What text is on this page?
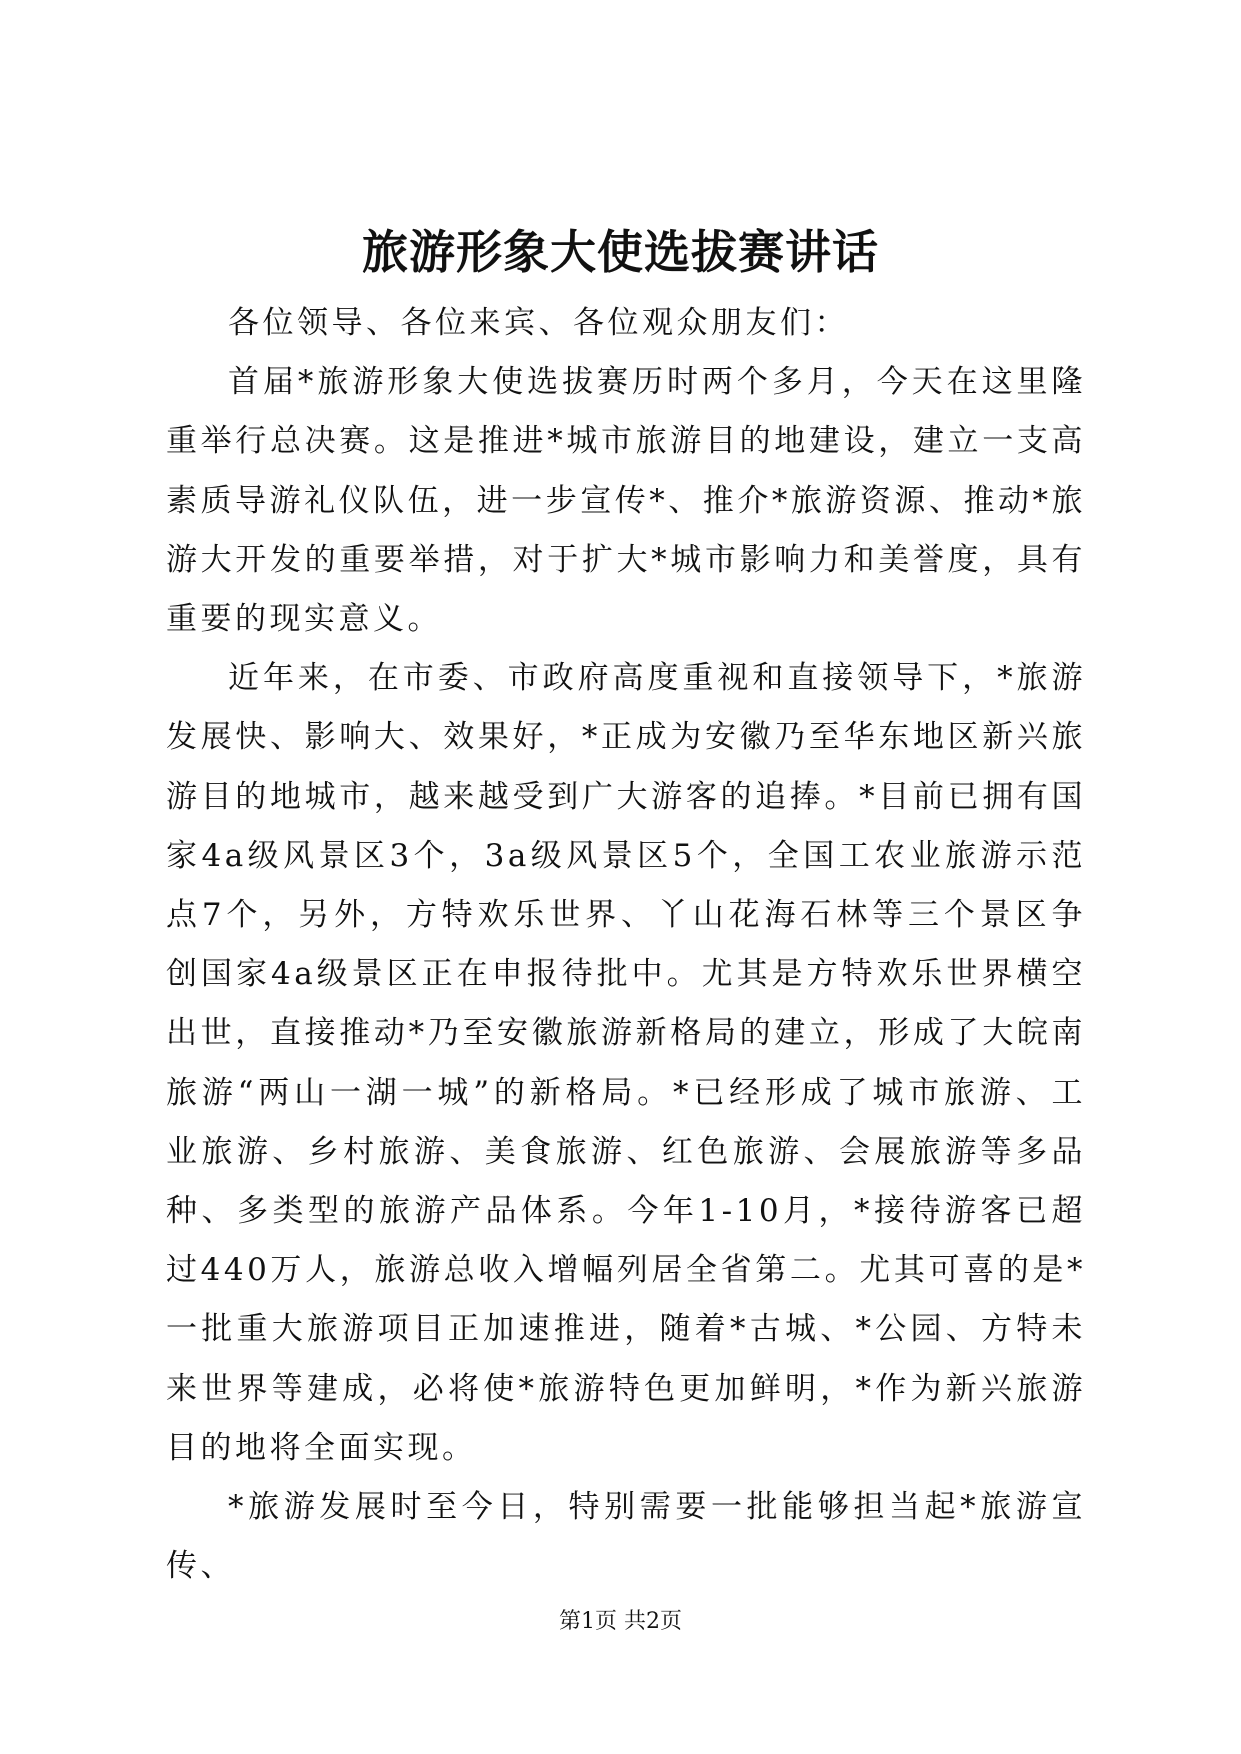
旅游形象大使选拔赛讲话

各位领导、各位来宾、各位观众朋友们：

首届*旅游形象大使选拔赛历时两个多月，今天在这里隆重举行总决赛。这是推进*城市旅游目的地建设，建立一支高素质导游礼仪队伍，进一步宣传*、推介*旅游资源、推动*旅游大开发的重要举措，对于扩大*城市影响力和美誉度，具有重要的现实意义。

近年来，在市委、市政府高度重视和直接领导下，*旅游发展快、影响大、效果好，*正成为安徽乃至华东地区新兴旅游目的地城市，越来越受到广大游客的追捧。*目前已拥有国家4a级风景区3个，3a级风景区5个，全国工农业旅游示范点7个，另外，方特欢乐世界、丫山花海石林等三个景区争创国家4a级景区正在申报待批中。尤其是方特欢乐世界横空出世，直接推动*乃至安徽旅游新格局的建立，形成了大皖南旅游“两山一湖一城”的新格局。*已经形成了城市旅游、工业旅游、乡村旅游、美食旅游、红色旅游、会展旅游等多品种、多类型的旅游产品体系。今年1-10月，*接待游客已超过440万人，旅游总收入增幅列居全省第二。尤其可喜的是*一批重大旅游项目正加速推进，随着*古城、*公园、方特未来世界等建成，必将使*旅游特色更加鲜明，*作为新兴旅游目的地将全面实现。

*旅游发展时至今日，特别需要一批能够担当起*旅游宣传、

第1页 共2页
